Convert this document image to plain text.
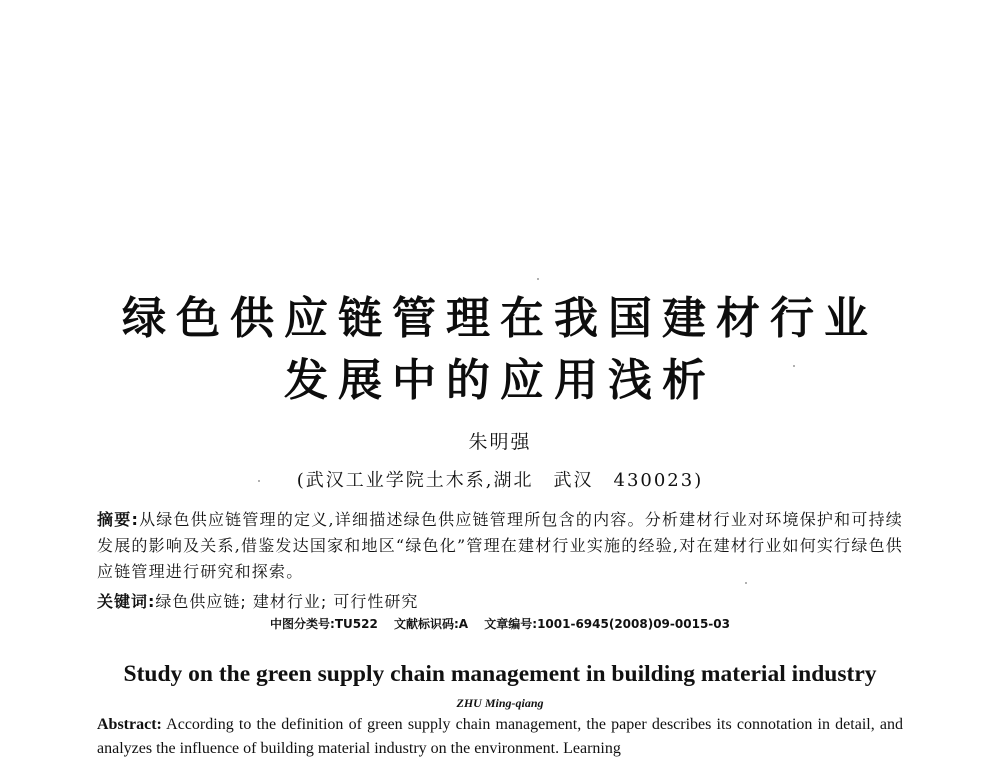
绿色供应链管理在我国建材行业
发展中的应用浅析
朱明强
(武汉工业学院土木系,湖北　武汉　430023)
摘要:从绿色供应链管理的定义,详细描述绿色供应链管理所包含的内容。分析建材行业对环境保护和可持续发展的影响及关系,借鉴发达国家和地区“绿色化”管理在建材行业实施的经验,对在建材行业如何实行绿色供应链管理进行研究和探索。
关键词:绿色供应链; 建材行业; 可行性研究
中图分类号:TU522 文献标识码:A 文章编号:1001-6945(2008)09-0015-03
Study on the green supply chain management in building material industry
ZHU Ming-qiang
Abstract: According to the definition of green supply chain management, the paper describes its connotation in detail, and analyzes the influence of building material industry on the environment. Learning
